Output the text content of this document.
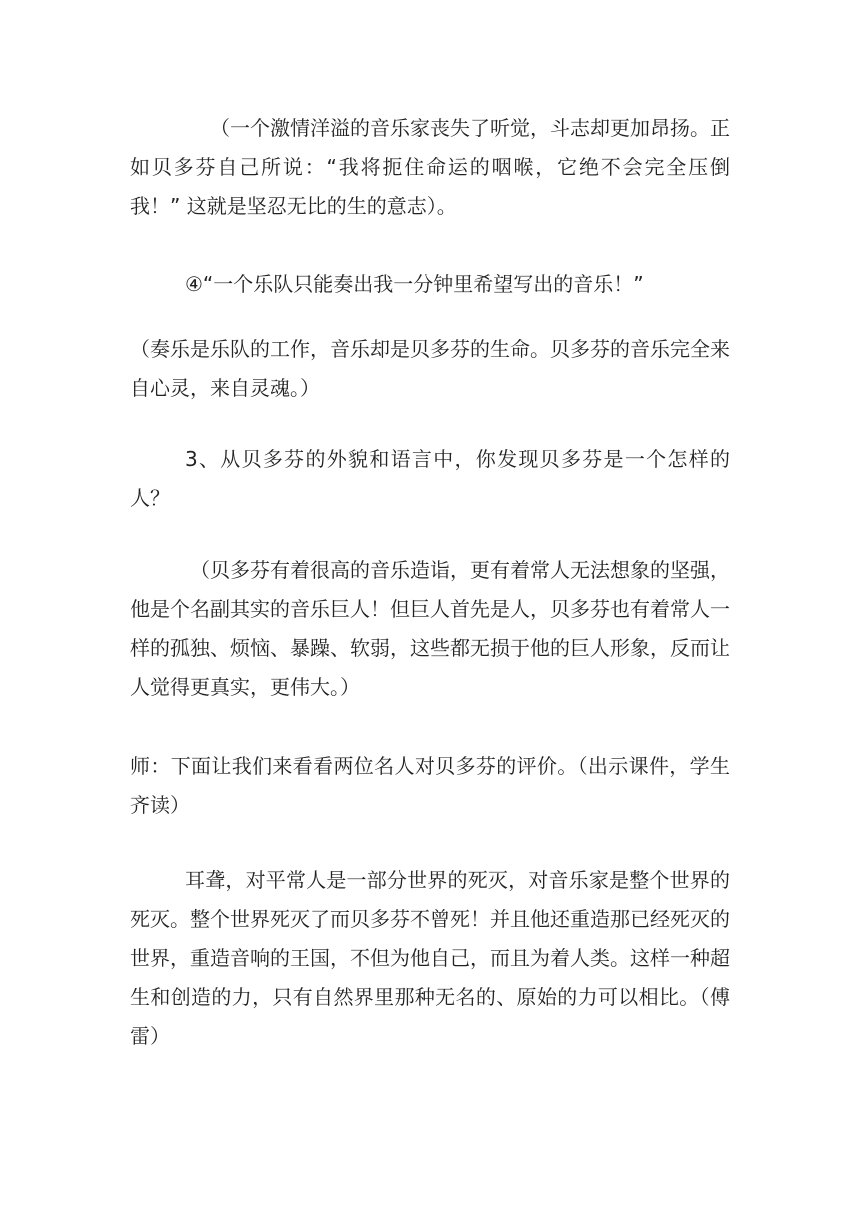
（一个激情洋溢的音乐家丧失了听觉，斗志却更加昂扬。正如贝多芬自己所说：“我将扼住命运的咽喉，它绝不会完全压倒我！” 这就是坚忍无比的生的意志）。

④“一个乐队只能奏出我一分钟里希望写出的音乐！”

（奏乐是乐队的工作，音乐却是贝多芬的生命。贝多芬的音乐完全来自心灵，来自灵魂。）

3、从贝多芬的外貌和语言中，你发现贝多芬是一个怎样的人？

（贝多芬有着很高的音乐造诣，更有着常人无法想象的坚强，他是个名副其实的音乐巨人！但巨人首先是人，贝多芬也有着常人一样的孤独、烦恼、暴躁、软弱，这些都无损于他的巨人形象，反而让人觉得更真实，更伟大。）

师：下面让我们来看看两位名人对贝多芬的评价。（出示课件，学生齐读）

耳聋，对平常人是一部分世界的死灭，对音乐家是整个世界的死灭。整个世界死灭了而贝多芬不曾死！并且他还重造那已经死灭的世界，重造音响的王国，不但为他自己，而且为着人类。这样一种超生和创造的力，只有自然界里那种无名的、原始的力可以相比。（傅雷）
